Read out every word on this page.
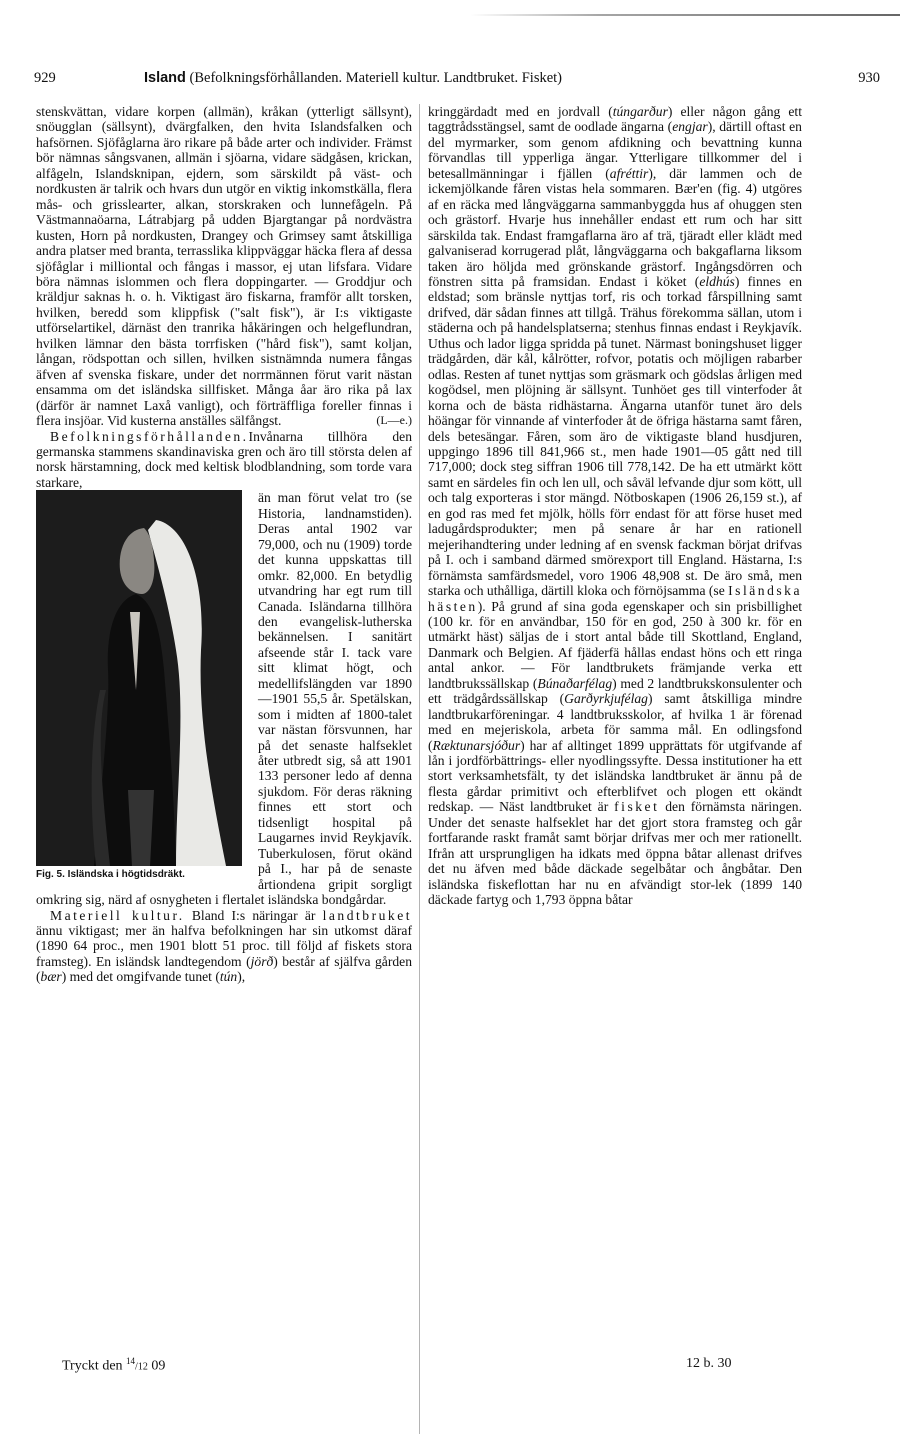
929	Island (Befolkningsförhållanden. Materiell kultur. Landtbruket. Fisket)	930

stenskvättan, vidare korpen (allmän), kråkan (ytterligt sällsynt), snöugglan (sällsynt), dvärgfalken, den hvita Islandsfalken och hafsörnen. Sjöfåglarna äro rikare på både arter och individer. Främst bör nämnas sångsvanen, allmän i sjöarna, vidare sädgåsen, krickan, alfågeln, Islandsknipan, ejdern, som särskildt på väst- och nordkusten är talrik och hvars dun utgör en viktig inkomstkälla, flera mås- och grisslearter, alkan, storskraken och lunnefågeln. På Västmannaöarna, Látrabjarg på udden Bjargtangar på nordvästra kusten, Horn på nordkusten, Drangey och Grimsey samt åtskilliga andra platser med branta, terrasslika klippväggar häcka flera af dessa sjöfåglar i milliontal och fångas i massor, ej utan lifsfara. Vidare böra nämnas islommen och flera doppingarter. — Groddjur och kräldjur saknas h. o. h. Viktigast äro fiskarna, framför allt torsken, hvilken, beredd som klippfisk ("salt fisk"), är I:s viktigaste utförselartikel, därnäst den tranrika håkäringen och helgeflundran, hvilken lämnar den bästa torrfisken ("hård fisk"), samt koljan, långan, rödspottan och sillen, hvilken sistnämnda numera fångas äfven af svenska fiskare, under det norrmännen förut varit nästan ensamma om det isländska sillfisket. Många åar äro rika på lax (därför är namnet Laxå vanligt), och förträffliga foreller finnas i flera insjöar. Vid kusterna anställes sälfångst.	(L—e.)

Befolkningsförhållanden.Invånarna tillhöra den germanska stammens skandinaviska gren och äro till största delen af norsk härstamning, dock med keltisk blodblandning, som torde vara starkare,

Fig. 5. Isländska i högtidsdräkt.

än man förut velat tro (se Historia, landnamstiden). Deras antal 1902 var 79,000, och nu (1909) torde det kunna uppskattas till omkr. 82,000. En betydlig utvandring har egt rum till Canada. Isländarna tillhöra den evangelisk-lutherska bekännelsen. I sanitärt afseende står I. tack vare sitt klimat högt, och medellifslängden var 1890—1901 55,5 år. Spetälskan, som i midten af 1800-talet var nästan försvunnen, har på det senaste halfseklet åter utbredt sig, så att 1901 133 personer ledo af denna sjukdom. För deras räkning finnes ett stort och tidsenligt hospital på Laugarnes invid Reykjavík. Tuberkulosen, förut okänd på I., har på de senaste årtiondena gripit sorgligt omkring sig, närd af osnygheten i flertalet isländska bondgårdar.

Materiell kultur. Bland I:s näringar är landtbruket ännu viktigast; mer än halfva befolkningen har sin utkomst däraf (1890 64 proc., men 1901 blott 51 proc. till följd af fiskets stora framsteg). En isländsk landtegendom (jörð) består af själfva gården (bær) med det omgifvande tunet (tún),

kringgärdadt med en jordvall (túngarður) eller någon gång ett taggtrådsstängsel, samt de oodlade ängarna (engjar), därtill oftast en del myrmarker, som genom afdikning och bevattning kunna förvandlas till ypperliga ängar. Ytterligare tillkommer del i betesallmänningar i fjällen (afréttir), där lammen och de ickemjölkande fåren vistas hela sommaren. Bær'en (fig. 4) utgöres af en räcka med långväggarna sammanbyggda hus af ohuggen sten och grästorf. Hvarje hus innehåller endast ett rum och har sitt särskilda tak. Endast framgaflarna äro af trä, tjäradt eller klädt med galvaniserad korrugerad plåt, långväggarna och bakgaflarna liksom taken äro höljda med grönskande grästorf. Ingångsdörren och fönstren sitta på framsidan. Endast i köket (eldhús) finnes en eldstad; som bränsle nyttjas torf, ris och torkad fårspillning samt drifved, där sådan finnes att tillgå. Trähus förekomma sällan, utom i städerna och på handelsplatserna; stenhus finnas endast i Reykjavík. Uthus och lador ligga spridda på tunet. Närmast boningshuset ligger trädgården, där kål, kålrötter, rofvor, potatis och möjligen rabarber odlas. Resten af tunet nyttjas som gräsmark och gödslas årligen med kogödsel, men plöjning är sällsynt. Tunhöet ges till vinterfoder åt korna och de bästa ridhästarna. Ängarna utanför tunet äro dels höängar för vinnande af vinterfoder åt de öfriga hästarna samt fåren, dels betesängar. Fåren, som äro de viktigaste bland husdjuren, uppgingo 1896 till 841,966 st., men hade 1901—05 gått ned till 717,000; dock steg siffran 1906 till 778,142. De ha ett utmärkt kött samt en särdeles fin och len ull, och såväl lefvande djur som kött, ull och talg exporteras i stor mängd. Nötboskapen (1906 26,159 st.), af en god ras med fet mjölk, hölls förr endast för att förse huset med ladugårdsprodukter; men på senare år har en rationell mejerihandtering under ledning af en svensk fackman börjat drifvas på I. och i samband därmed smörexport till England. Hästarna, I:s förnämsta samfärdsmedel, voro 1906 48,908 st. De äro små, men starka och uthålliga, därtill kloka och förnöjsamma (se Isländska hästen). På grund af sina goda egenskaper och sin prisbillighet (100 kr. för en användbar, 150 för en god, 250 à 300 kr. för en utmärkt häst) säljas de i stort antal både till Skottland, England, Danmark och Belgien. Af fjäderfä hållas endast höns och ett ringa antal ankor. — För landtbrukets främjande verka ett landtbrukssällskap (Búnaðarfélag) med 2 landtbrukskonsulenter och ett trädgårdssällskap (Garðyrkjufélag) samt åtskilliga mindre landtbrukarföreningar. 4 landtbruksskolor, af hvilka 1 är förenad med en mejeriskola, arbeta för samma mål. En odlingsfond (Ræktunarsjóður) har af alltinget 1899 upprättats för utgifvande af lån i jordförbättrings- eller nyodlingssyfte. Dessa institutioner ha ett stort verksamhetsfält, ty det isländska landtbruket är ännu på de flesta gårdar primitivt och efterblifvet och plogen ett okändt redskap. — Näst landtbruket är fisket den förnämsta näringen. Under det senaste halfseklet har det gjort stora framsteg och går fortfarande raskt framåt samt börjar drifvas mer och mer rationellt. Ifrån att ursprungligen ha idkats med öppna båtar allenast drifves det nu äfven med både däckade segelbåtar och ångbåtar. Den isländska fiskeflottan har nu en afvändigt stor-lek (1899 140 däckade fartyg och 1,793 öppna båtar

Tryckt den $^{14}$/12 09	12 b. 30
